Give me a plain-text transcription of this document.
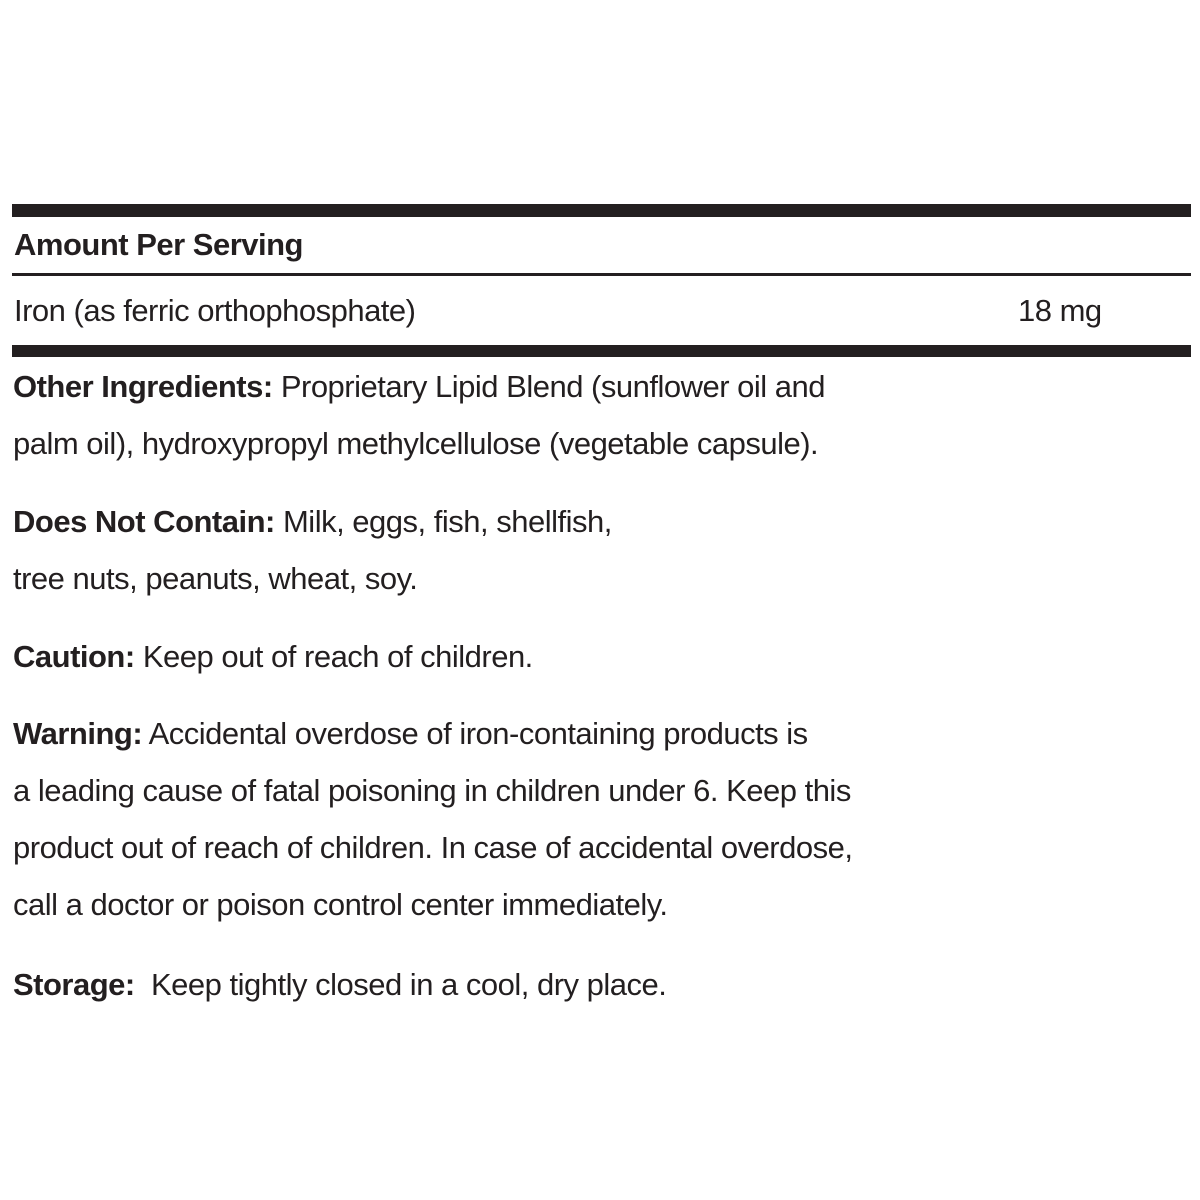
Amount Per Serving
Iron (as ferric orthophosphate)	18 mg

Other Ingredients: Proprietary Lipid Blend (sunflower oil and

palm oil), hydroxypropyl methylcellulose (vegetable capsule).

Does Not Contain: Milk, eggs, fish, shellfish,

tree nuts, peanuts, wheat, soy.

Caution: Keep out of reach of children.

Warning: Accidental overdose of iron-containing products is

a leading cause of fatal poisoning in children under 6. Keep this

product out of reach of children. In case of accidental overdose,

call a doctor or poison control center immediately.

Storage:  Keep tightly closed in a cool, dry place.
